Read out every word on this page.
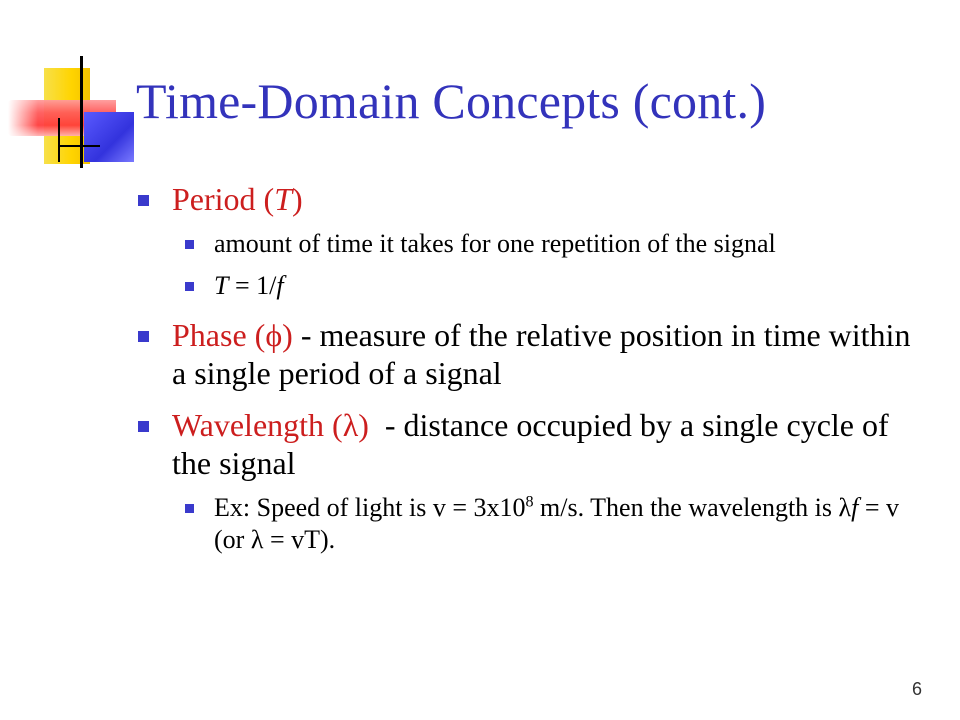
Time-Domain Concepts (cont.)
Period (T)
amount of time it takes for one repetition of the signal
T = 1/f
Phase (ϕ) - measure of the relative position in time within a single period of a signal
Wavelength (λ)  - distance occupied by a single cycle of the signal
Ex: Speed of light is $v = 3x10^8$ m/s. Then the wavelength is λf = v (or λ = vT).
6
